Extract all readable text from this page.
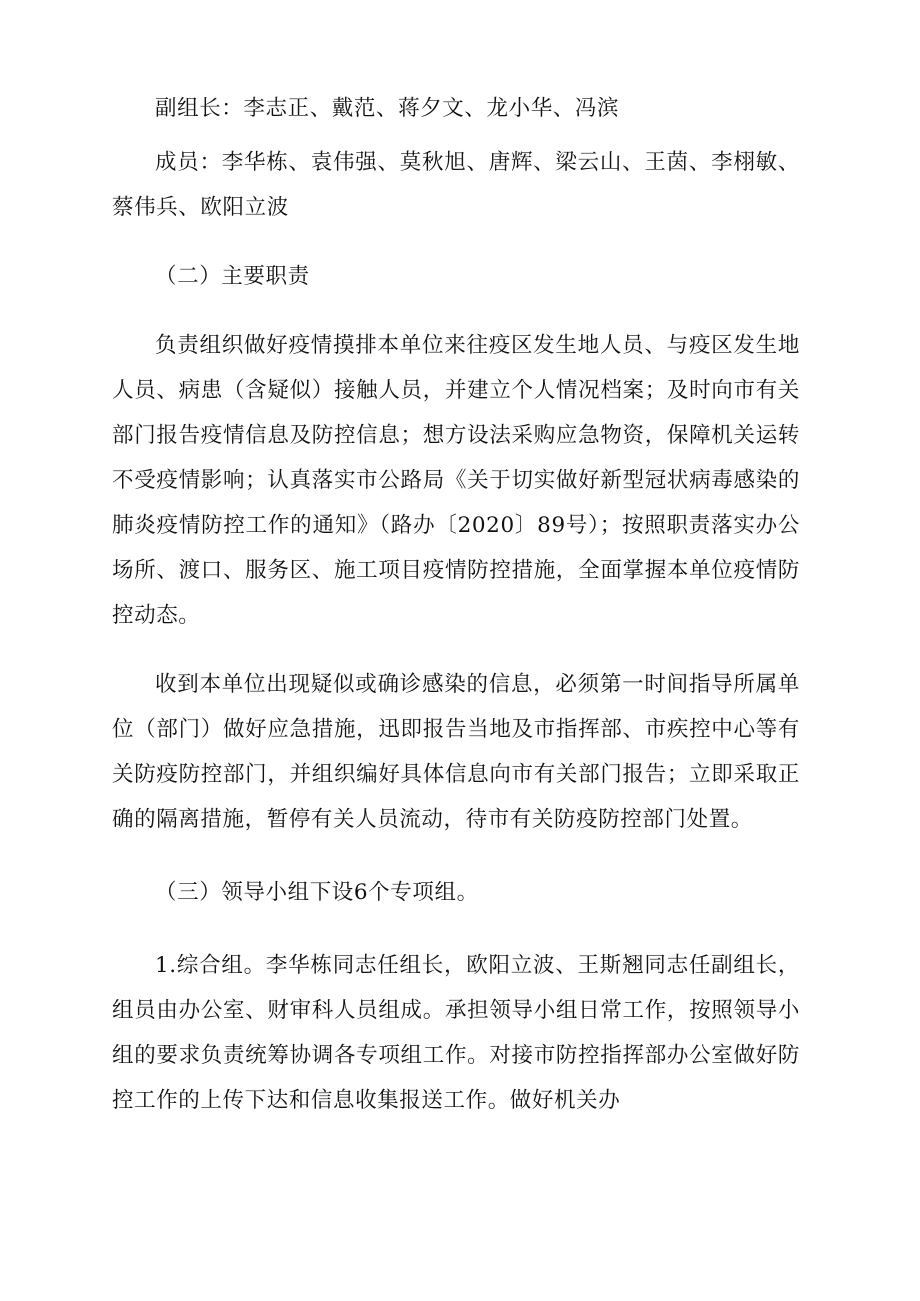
副组长：李志正、戴范、蒋夕文、龙小华、冯滨

成员：李华栋、袁伟强、莫秋旭、唐辉、梁云山、王茵、李栩敏、蔡伟兵、欧阳立波

（二）主要职责

负责组织做好疫情摸排本单位来往疫区发生地人员、与疫区发生地人员、病患（含疑似）接触人员，并建立个人情况档案；及时向市有关部门报告疫情信息及防控信息；想方设法采购应急物资，保障机关运转不受疫情影响；认真落实市公路局《关于切实做好新型冠状病毒感染的肺炎疫情防控工作的通知》（路办〔2020〕89号）；按照职责落实办公场所、渡口、服务区、施工项目疫情防控措施，全面掌握本单位疫情防控动态。

收到本单位出现疑似或确诊感染的信息，必须第一时间指导所属单位（部门）做好应急措施，迅即报告当地及市指挥部、市疾控中心等有关防疫防控部门，并组织编好具体信息向市有关部门报告；立即采取正确的隔离措施，暂停有关人员流动，待市有关防疫防控部门处置。

（三）领导小组下设6个专项组。

1.综合组。李华栋同志任组长，欧阳立波、王斯翘同志任副组长，组员由办公室、财审科人员组成。承担领导小组日常工作，按照领导小组的要求负责统筹协调各专项组工作。对接市防控指挥部办公室做好防控工作的上传下达和信息收集报送工作。做好机关办
